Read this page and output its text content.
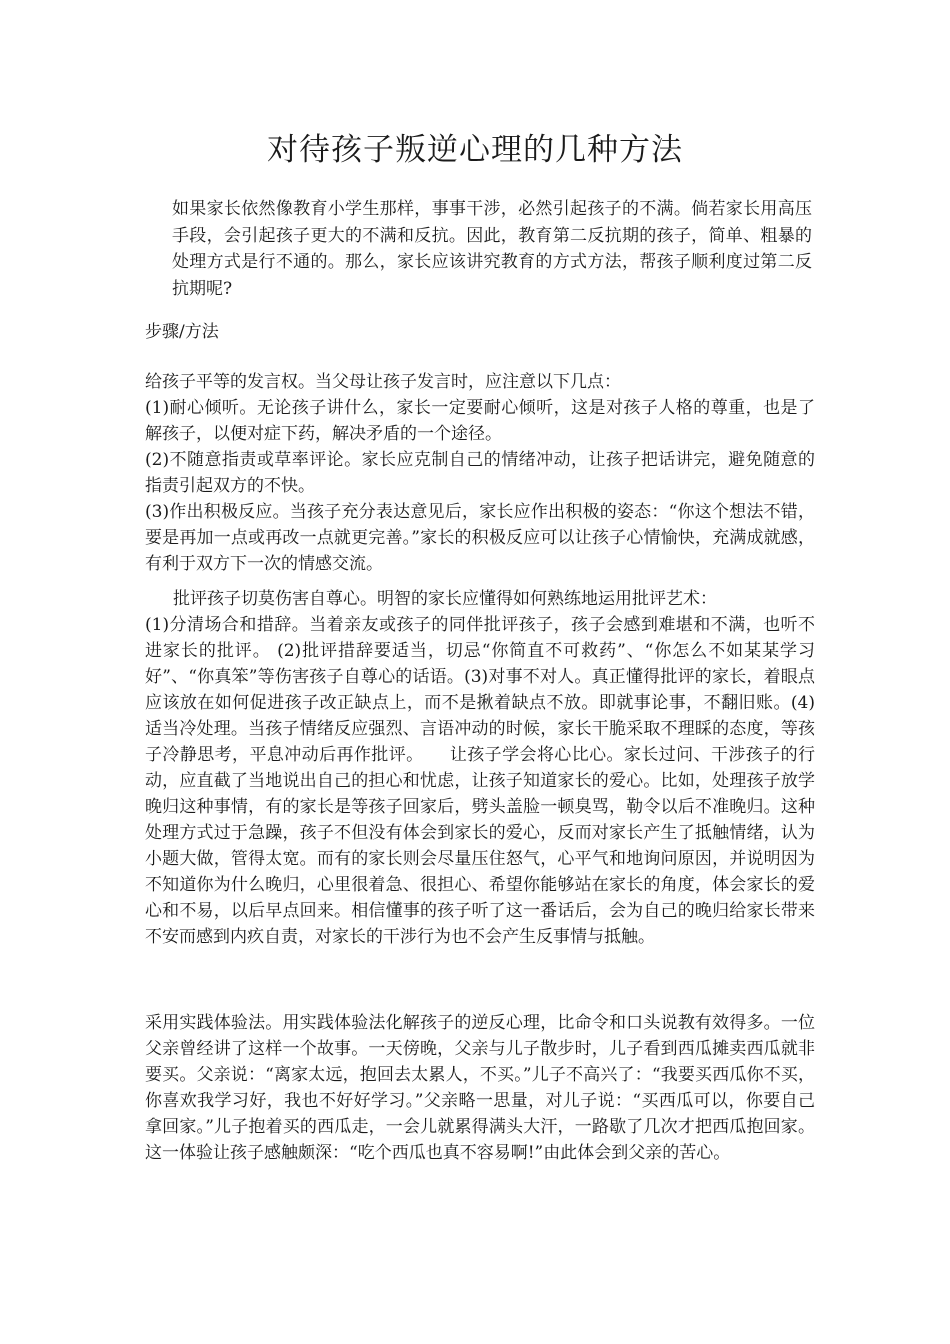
对待孩子叛逆心理的几种方法

如果家长依然像教育小学生那样，事事干涉，必然引起孩子的不满。倘若家长用高压手段，会引起孩子更大的不满和反抗。因此，教育第二反抗期的孩子，简单、粗暴的处理方式是行不通的。那么，家长应该讲究教育的方式方法，帮孩子顺利度过第二反抗期呢?

步骤/方法

给孩子平等的发言权。当父母让孩子发言时，应注意以下几点：
(1)耐心倾听。无论孩子讲什么，家长一定要耐心倾听，这是对孩子人格的尊重，也是了解孩子，以便对症下药，解决矛盾的一个途径。
(2)不随意指责或草率评论。家长应克制自己的情绪冲动，让孩子把话讲完，避免随意的指责引起双方的不快。
(3)作出积极反应。当孩子充分表达意见后，家长应作出积极的姿态：“你这个想法不错，要是再加一点或再改一点就更完善。”家长的积极反应可以让孩子心情愉快，充满成就感，有利于双方下一次的情感交流。
批评孩子切莫伤害自尊心。明智的家长应懂得如何熟练地运用批评艺术：
(1)分清场合和措辞。当着亲友或孩子的同伴批评孩子，孩子会感到难堪和不满，也听不进家长的批评。 (2)批评措辞要适当，切忌“你简直不可救药”、“你怎么不如某某学习好”、“你真笨”等伤害孩子自尊心的话语。(3)对事不对人。真正懂得批评的家长，着眼点应该放在如何促进孩子改正缺点上，而不是揪着缺点不放。即就事论事，不翻旧账。(4)适当冷处理。当孩子情绪反应强烈、言语冲动的时候，家长干脆采取不理睬的态度，等孩子冷静思考，平息冲动后再作批评。　　让孩子学会将心比心。家长过问、干涉孩子的行动，应直截了当地说出自己的担心和忧虑，让孩子知道家长的爱心。比如，处理孩子放学晚归这种事情，有的家长是等孩子回家后，劈头盖脸一顿臭骂，勒令以后不准晚归。这种处理方式过于急躁，孩子不但没有体会到家长的爱心，反而对家长产生了抵触情绪，认为小题大做，管得太宽。而有的家长则会尽量压住怒气，心平气和地询问原因，并说明因为不知道你为什么晚归，心里很着急、很担心、希望你能够站在家长的角度，体会家长的爱心和不易，以后早点回来。相信懂事的孩子听了这一番话后，会为自己的晚归给家长带来不安而感到内疚自责，对家长的干涉行为也不会产生反事情与抵触。

采用实践体验法。用实践体验法化解孩子的逆反心理，比命令和口头说教有效得多。一位父亲曾经讲了这样一个故事。一天傍晚，父亲与儿子散步时，儿子看到西瓜摊卖西瓜就非要买。父亲说：“离家太远，抱回去太累人，不买。”儿子不高兴了：“我要买西瓜你不买，你喜欢我学习好，我也不好好学习。”父亲略一思量，对儿子说：“买西瓜可以，你要自己拿回家。”儿子抱着买的西瓜走，一会儿就累得满头大汗，一路歇了几次才把西瓜抱回家。这一体验让孩子感触颇深：“吃个西瓜也真不容易啊!”由此体会到父亲的苦心。
